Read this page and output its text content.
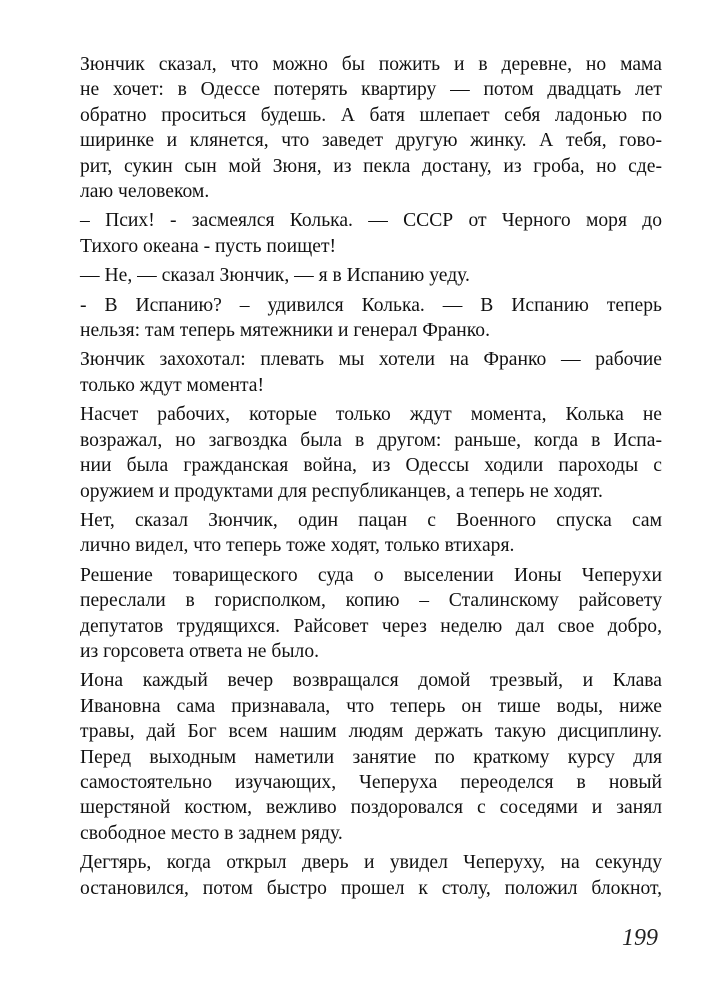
Зюнчик сказал, что можно бы пожить и в деревне, но мама
не хочет: в Одессе потерять квартиру — потом двадцать лет
обратно проситься будешь. А батя шлепает себя ладонью по
ширинке и клянется, что заведет другую жинку. А тебя, гово-
рит, сукин сын мой Зюня, из пекла достану, из гроба, но сде-
лаю человеком.
– Псих! - засмеялся Колька. — СССР от Черного моря до
Тихого океана - пусть поищет!
— Не, — сказал Зюнчик, — я в Испанию уеду.
- В Испанию? – удивился Колька. — В Испанию теперь
нельзя: там теперь мятежники и генерал Франко.
Зюнчик захохотал: плевать мы хотели на Франко — рабочие
только ждут момента!
Насчет рабочих, которые только ждут момента, Колька не
возражал, но загвоздка была в другом: раньше, когда в Испа-
нии была гражданская война, из Одессы ходили пароходы с
оружием и продуктами для республиканцев, а теперь не ходят.
Нет, сказал Зюнчик, один пацан с Военного спуска сам
лично видел, что теперь тоже ходят, только втихаря.
Решение товарищеского суда о выселении Ионы Чеперухи
переслали в горисполком, копию – Сталинскому райсовету
депутатов трудящихся. Райсовет через неделю дал свое добро,
из горсовета ответа не было.
Иона каждый вечер возвращался домой трезвый, и Клава
Ивановна сама признавала, что теперь он тише воды, ниже
травы, дай Бог всем нашим людям держать такую дисциплину.
Перед выходным наметили занятие по краткому курсу для
самостоятельно изучающих, Чеперуха переоделся в новый
шерстяной костюм, вежливо поздоровался с соседями и занял
свободное место в заднем ряду.
Дегтярь, когда открыл дверь и увидел Чеперуху, на секунду
остановился, потом быстро прошел к столу, положил блокнот,
199
